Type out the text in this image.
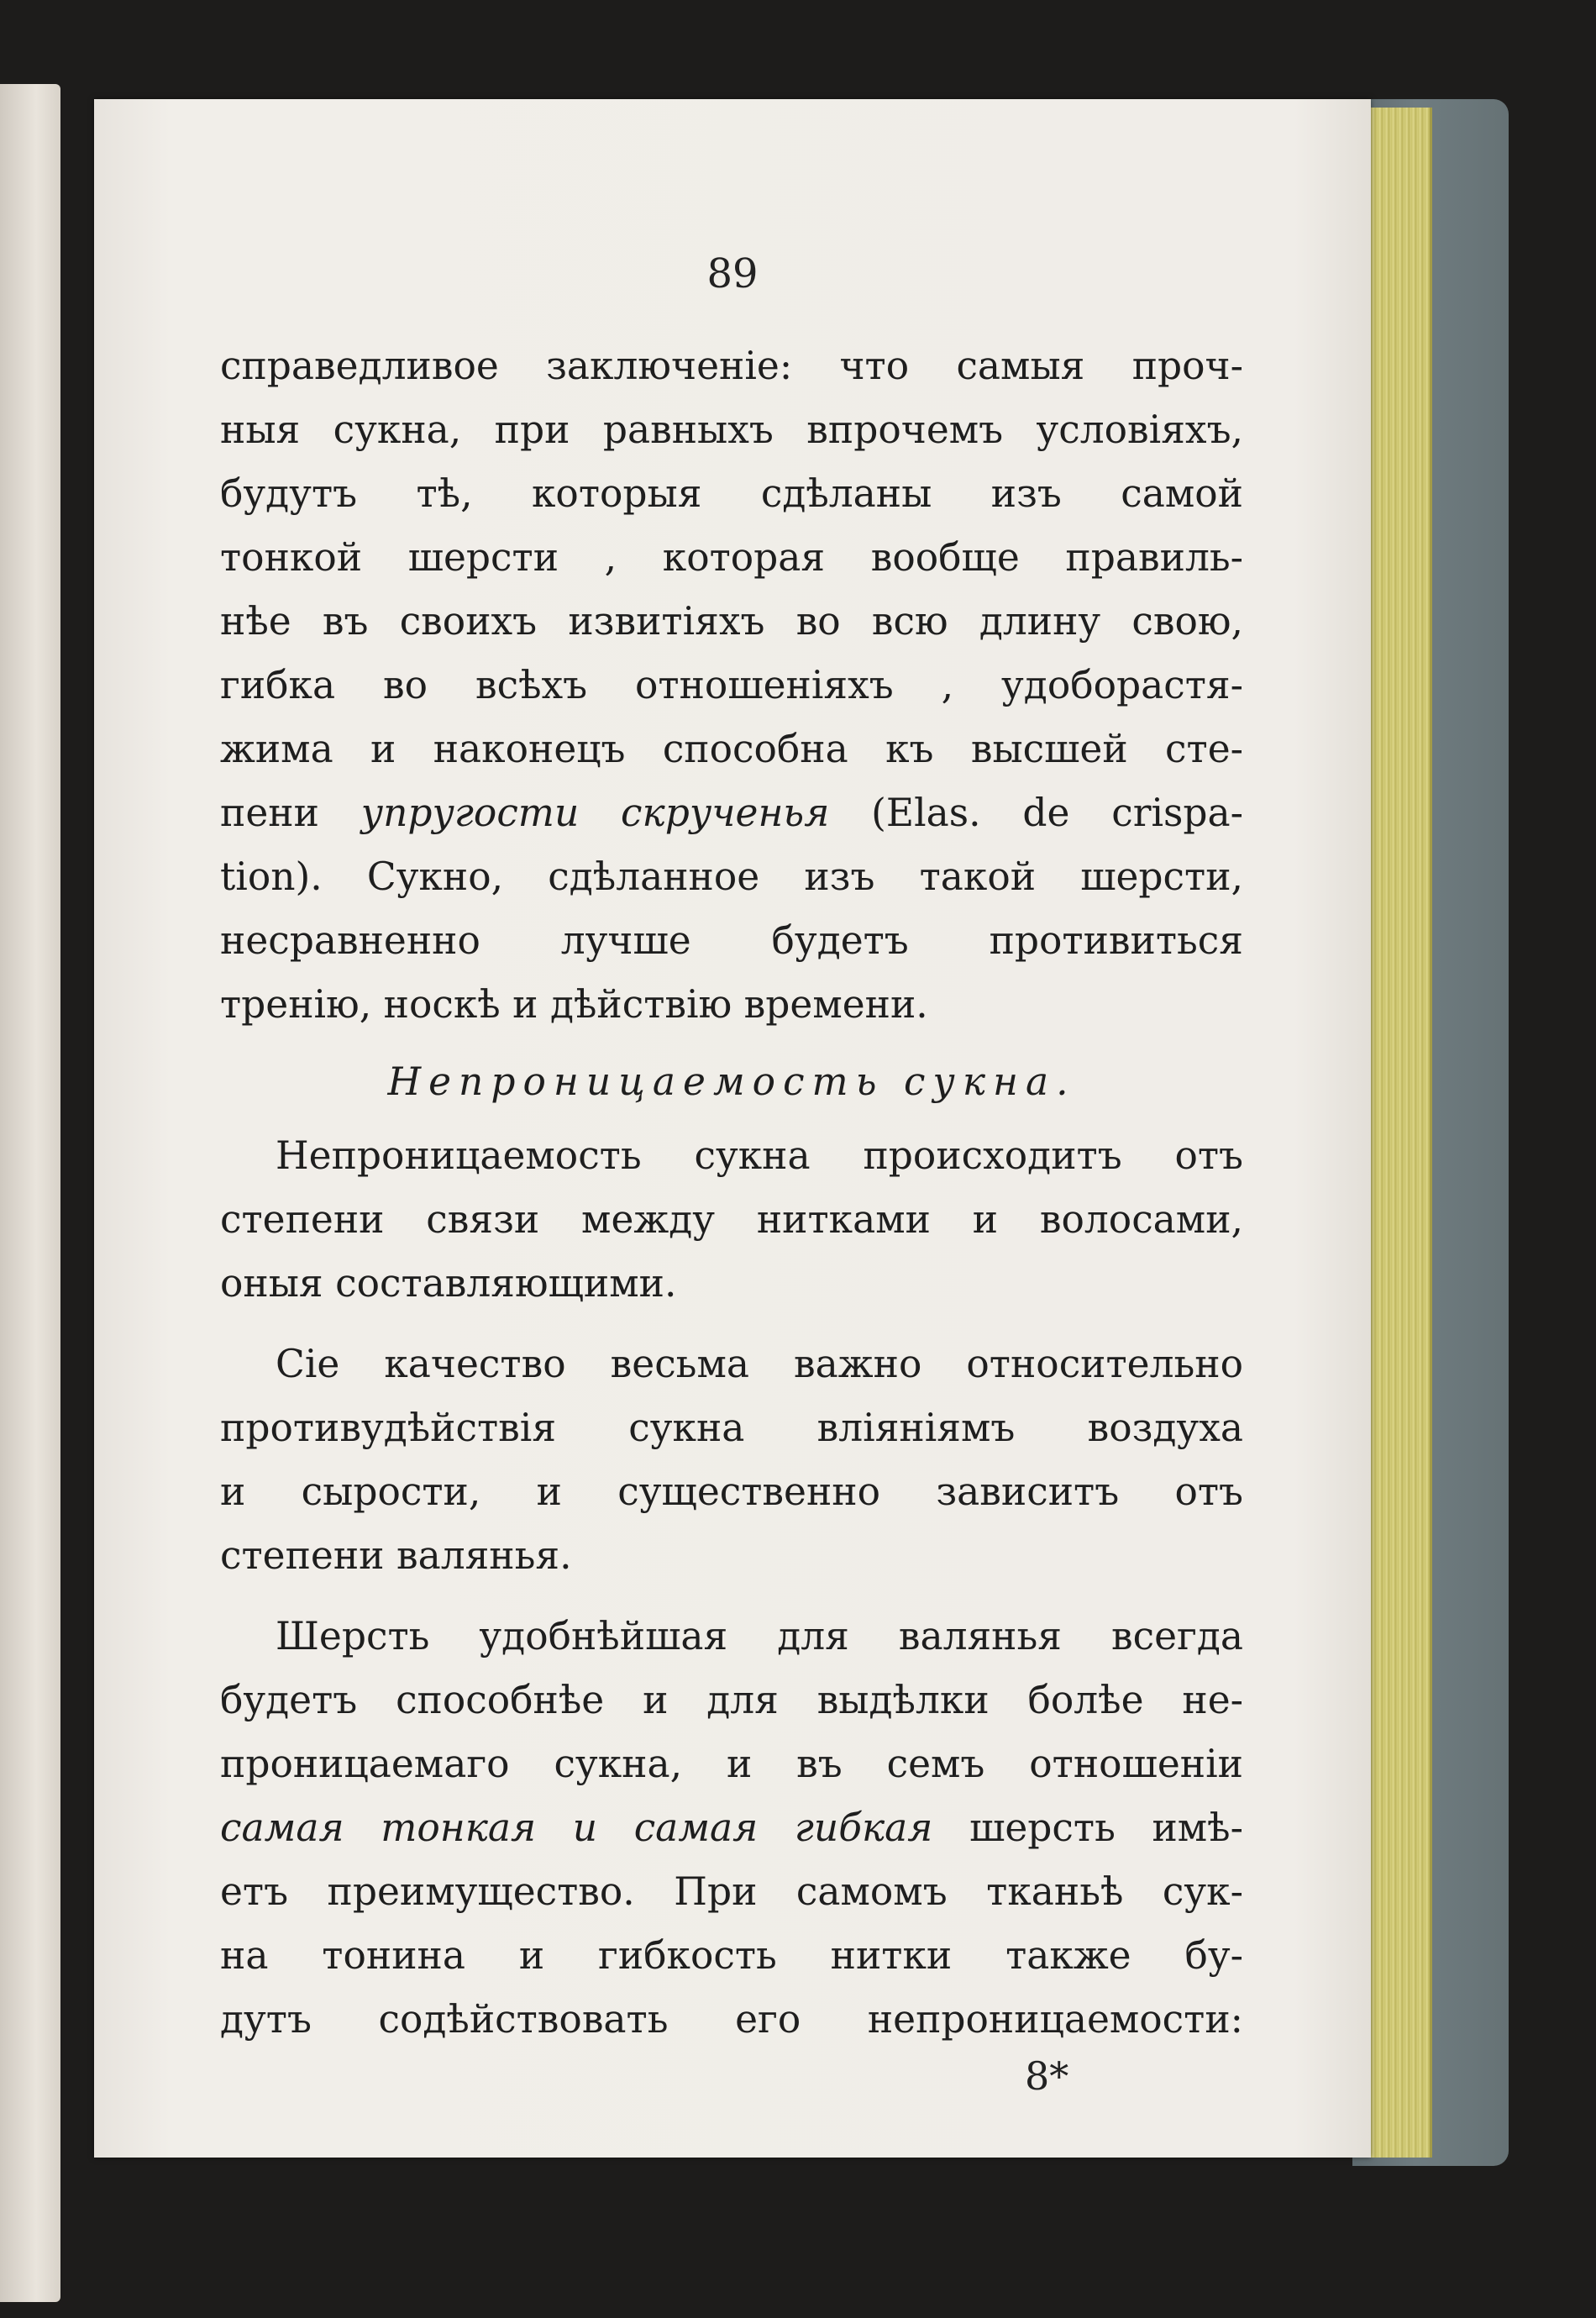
89
справедливое заключеніе: что самыя проч-
ныя сукна, при равныхъ впрочемъ условіяхъ,
будутъ тѣ, которыя сдѣланы изъ самой
тонкой шерсти , которая вообще правиль-
нѣе въ своихъ извитіяхъ во всю длину свою,
гибка во всѣхъ отношеніяхъ , удобораcтя-
жима и наконецъ способна къ высшей сте-
пени упругости скрученья (Elas. de crispa-
tion). Сукно, сдѣланное изъ такой шерсти,
несравненно лучше будетъ противиться
тренію, носкѣ и дѣйствію времени.
Непроницаемость сукна.
Непроницаемость сукна происходитъ отъ
степени связи между нитками и волосами,
оныя составляющими.
Сіе качество весьма важно относительно
противудѣйствія сукна вліяніямъ воздуха
и сырости, и существенно зависитъ отъ
степени валянья.
Шерсть удобнѣйшая для валянья всегда
будетъ способнѣе и для выдѣлки болѣе не-
проницаемаго сукна, и въ семъ отношеніи
самая тонкая и самая гибкая шерсть имѣ-
етъ преимущество. При самомъ тканьѣ сук-
на тонина и гибкость нитки также бу-
дутъ содѣйствовать его непроницаемости:
8*
